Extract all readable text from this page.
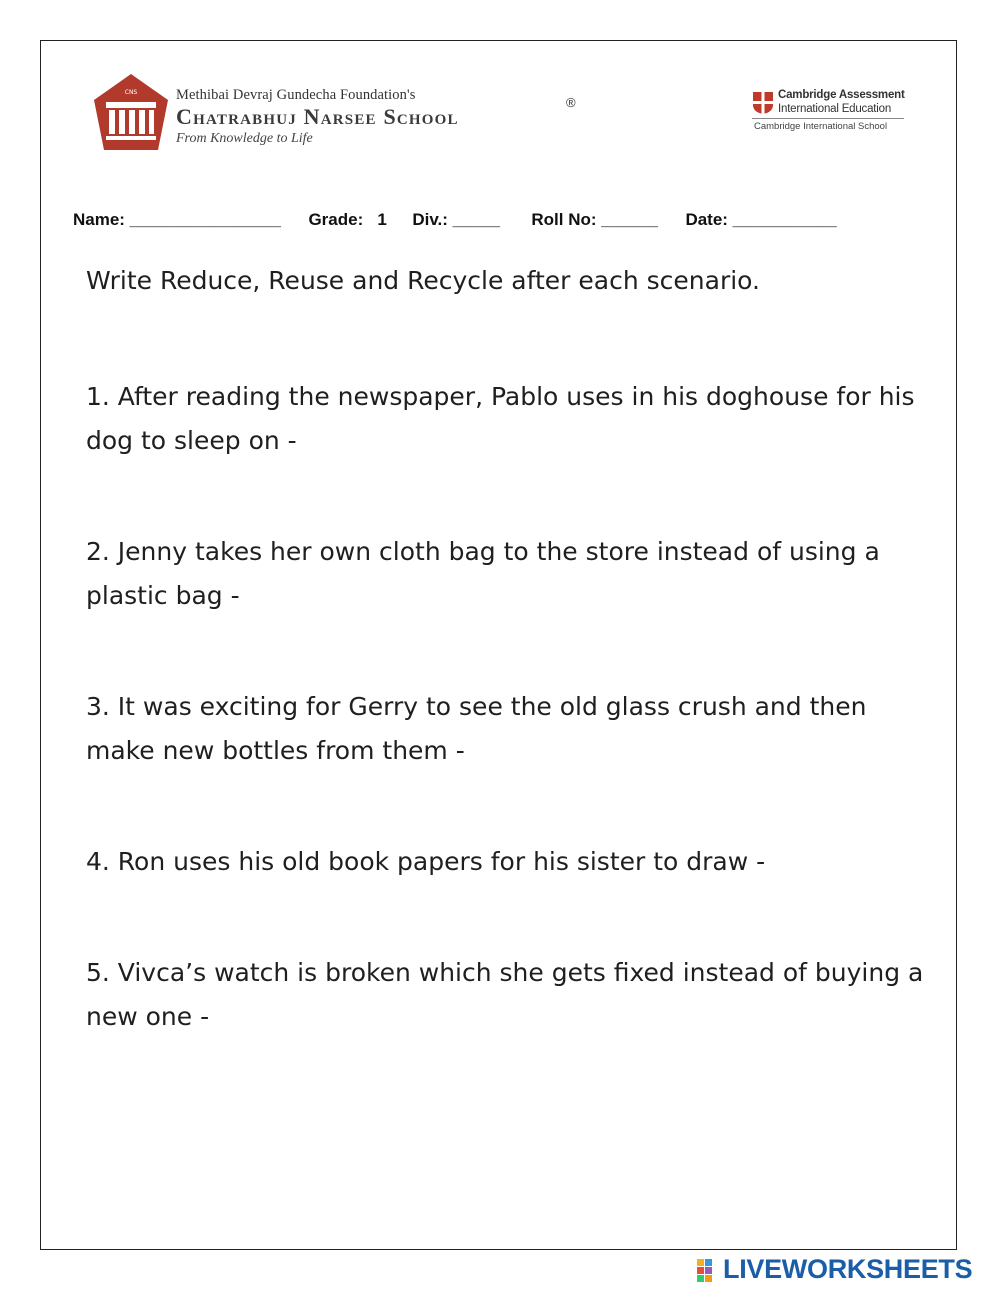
CNS	Methibai Devraj Gundecha Foundation's
Chatrabhuj Narsee School
From Knowledge to Life
®	Cambridge Assessment
International Education
Cambridge International School
Name: ________________ Grade:   1 Div.: _____ Roll No: ______ Date: ___________
Write Reduce, Reuse and Recycle after each scenario.
1. After reading the newspaper, Pablo uses in his doghouse for his dog to sleep on -
2. Jenny takes her own cloth bag to the store instead of using a plastic bag -
3. It was exciting for Gerry to see the old glass crush and then make new bottles from them -
4. Ron uses his old book papers for his sister to draw -
5. Vivca’s watch is broken which she gets fixed instead of buying a new one -
LIVEWORKSHEETS
